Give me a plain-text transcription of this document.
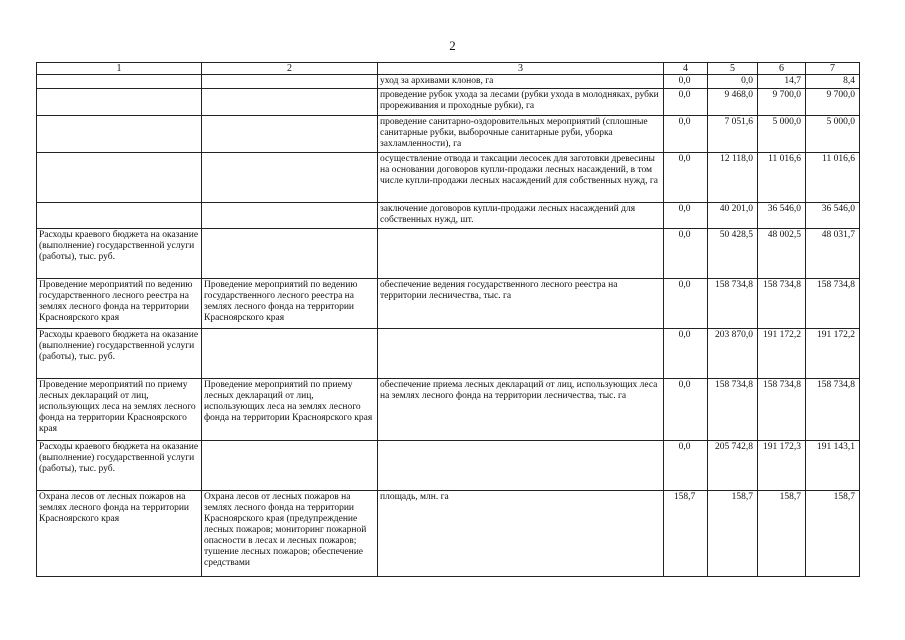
2
1	2	3	4	5	6	7
		уход за архивами клонов, га	0,0	0,0	14,7	8,4
		проведение рубок ухода за лесами (рубки ухода в молодняках, рубки прореживания и проходные рубки), га	0,0	9 468,0	9 700,0	9 700,0
		проведение санитарно-оздоровительных мероприятий (сплошные санитарные рубки, выборочные санитарные руби, уборка захламленности), га	0,0	7 051,6	5 000,0	5 000,0
		осуществление отвода и таксации лесосек для заготовки древесины на основании договоров купли-продажи лесных насаждений, в том числе купли-продажи лесных насаждений для собственных нужд, га	0,0	12 118,0	11 016,6	11 016,6
		заключение договоров купли-продажи лесных насаждений для собственных нужд, шт.	0,0	40 201,0	36 546,0	36 546,0
Расходы краевого бюджета на оказание (выполнение) государственной услуги (работы), тыс. руб.			0,0	50 428,5	48 002,5	48 031,7
Проведение мероприятий по ведению государственного лесного реестра на землях лесного фонда на территории Красноярского края	Проведение мероприятий по ведению государственного лесного реестра на землях лесного фонда на территории Красноярского края	обеспечение ведения государственного лесного реестра на территории лесничества, тыс. га	0,0	158 734,8	158 734,8	158 734,8
Расходы краевого бюджета на оказание (выполнение) государственной услуги (работы), тыс. руб.			0,0	203 870,0	191 172,2	191 172,2
Проведение мероприятий по приему лесных деклараций от лиц, использующих леса на землях лесного фонда на территории Красноярского края	Проведение мероприятий по приему лесных деклараций от лиц, использующих леса на землях лесного фонда на территории Красноярского края	обеспечение приема лесных деклараций от лиц, использующих леса на землях лесного фонда на территории лесничества, тыс. га	0,0	158 734,8	158 734,8	158 734,8
Расходы краевого бюджета на оказание (выполнение) государственной услуги (работы), тыс. руб.			0,0	205 742,8	191 172,3	191 143,1
Охрана лесов от лесных пожаров на землях лесного фонда на территории Красноярского края	Охрана лесов от лесных пожаров на землях лесного фонда на территории Красноярского края (предупреждение лесных пожаров; мониторинг пожарной опасности в лесах и лесных пожаров; тушение лесных пожаров; обеспечение средствами	площадь, млн. га	158,7	158,7	158,7	158,7
